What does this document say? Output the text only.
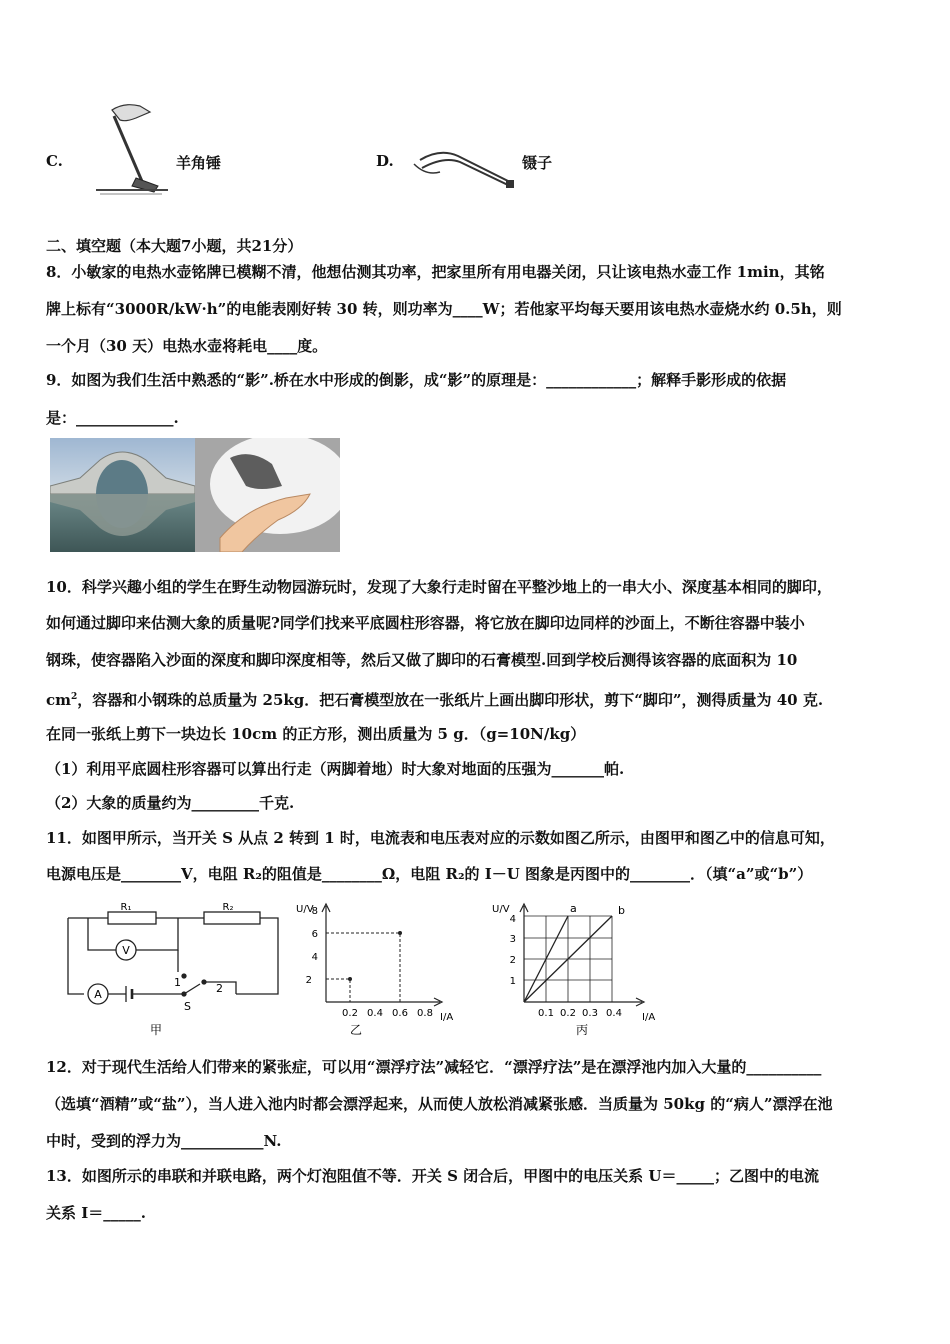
C.	羊角锤	D.	镊子
二、填空题（本大题7小题，共21分）
8．小敏家的电热水壶铭牌已模糊不清，他想估测其功率，把家里所有用电器关闭，只让该电热水壶工作 1min，其铭
牌上标有“3000R/kW·h”的电能表刚好转 30 转，则功率为____W；若他家平均每天要用该电热水壶烧水约 0.5h，则
一个月（30 天）电热水壶将耗电____度。
9．如图为我们生活中熟悉的“影”.桥在水中形成的倒影，成“影”的原理是：____________；解释手影形成的依据
是：_____________.
10．科学兴趣小组的学生在野生动物园游玩时，发现了大象行走时留在平整沙地上的一串大小、深度基本相同的脚印，
如何通过脚印来估测大象的质量呢?同学们找来平底圆柱形容器，将它放在脚印边同样的沙面上，不断往容器中装小
钢珠，使容器陷入沙面的深度和脚印深度相等，然后又做了脚印的石膏模型.回到学校后测得该容器的底面积为 10
$cm^2$，容器和小钢珠的总质量为 25kg．把石膏模型放在一张纸片上画出脚印形状，剪下“脚印”，测得质量为 40 克.
在同一张纸上剪下一块边长 10cm 的正方形，测出质量为 5 g．（g=10N/kg）
（1）利用平底圆柱形容器可以算出行走（两脚着地）时大象对地面的压强为_______帕.
（2）大象的质量约为_________千克.
11．如图甲所示，当开关 S 从点 2 转到 1 时，电流表和电压表对应的示数如图乙所示，由图甲和图乙中的信息可知，
电源电压是________V，电阻 R₂的阻值是________Ω，电阻 R₂的 I－U 图象是丙图中的________．（填“a”或“b”）
R₁	R₂
V
A
1	2
S
甲
U/V
I/A
2
4
6
8
0.2 0.4 0.6 0.8
乙
a	b
U/V
I/A
1
2
3
4
0.1 0.2 0.3 0.4
丙
12．对于现代生活给人们带来的紧张症，可以用“漂浮疗法”减轻它．“漂浮疗法”是在漂浮池内加入大量的__________
（选填“酒精”或“盐”），当人进入池内时都会漂浮起来，从而使人放松消减紧张感．当质量为 50kg 的“病人”漂浮在池
中时，受到的浮力为___________N.
13．如图所示的串联和并联电路，两个灯泡阻值不等．开关 S 闭合后，甲图中的电压关系 U＝_____；乙图中的电流
关系 I＝_____.
